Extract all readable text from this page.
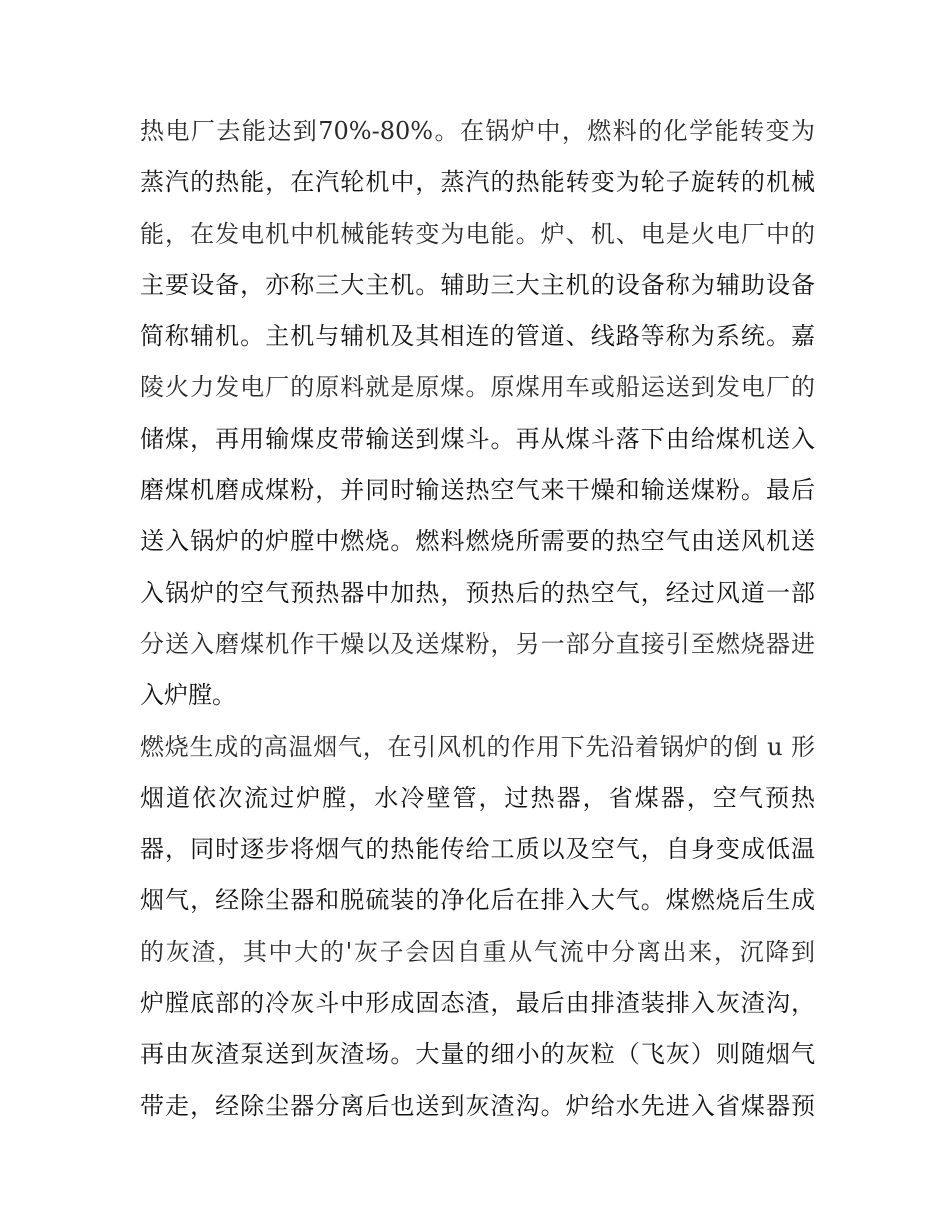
热电厂去能达到70%-80%。在锅炉中，燃料的化学能转变为
蒸汽的热能，在汽轮机中，蒸汽的热能转变为轮子旋转的机械
能，在发电机中机械能转变为电能。炉、机、电是火电厂中的
主要设备，亦称三大主机。辅助三大主机的设备称为辅助设备
简称辅机。主机与辅机及其相连的管道、线路等称为系统。嘉
陵火力发电厂的原料就是原煤。原煤用车或船运送到发电厂的
储煤，再用输煤皮带输送到煤斗。再从煤斗落下由给煤机送入
磨煤机磨成煤粉，并同时输送热空气来干燥和输送煤粉。最后
送入锅炉的炉膛中燃烧。燃料燃烧所需要的热空气由送风机送
入锅炉的空气预热器中加热，预热后的热空气，经过风道一部
分送入磨煤机作干燥以及送煤粉，另一部分直接引至燃烧器进
入炉膛。
燃烧生成的高温烟气，在引风机的作用下先沿着锅炉的倒 u 形
烟道依次流过炉膛，水冷壁管，过热器，省煤器，空气预热
器，同时逐步将烟气的热能传给工质以及空气，自身变成低温
烟气，经除尘器和脱硫装的净化后在排入大气。煤燃烧后生成
的灰渣，其中大的'灰子会因自重从气流中分离出来，沉降到
炉膛底部的冷灰斗中形成固态渣，最后由排渣装排入灰渣沟，
再由灰渣泵送到灰渣场。大量的细小的灰粒（飞灰）则随烟气
带走，经除尘器分离后也送到灰渣沟。炉给水先进入省煤器预
